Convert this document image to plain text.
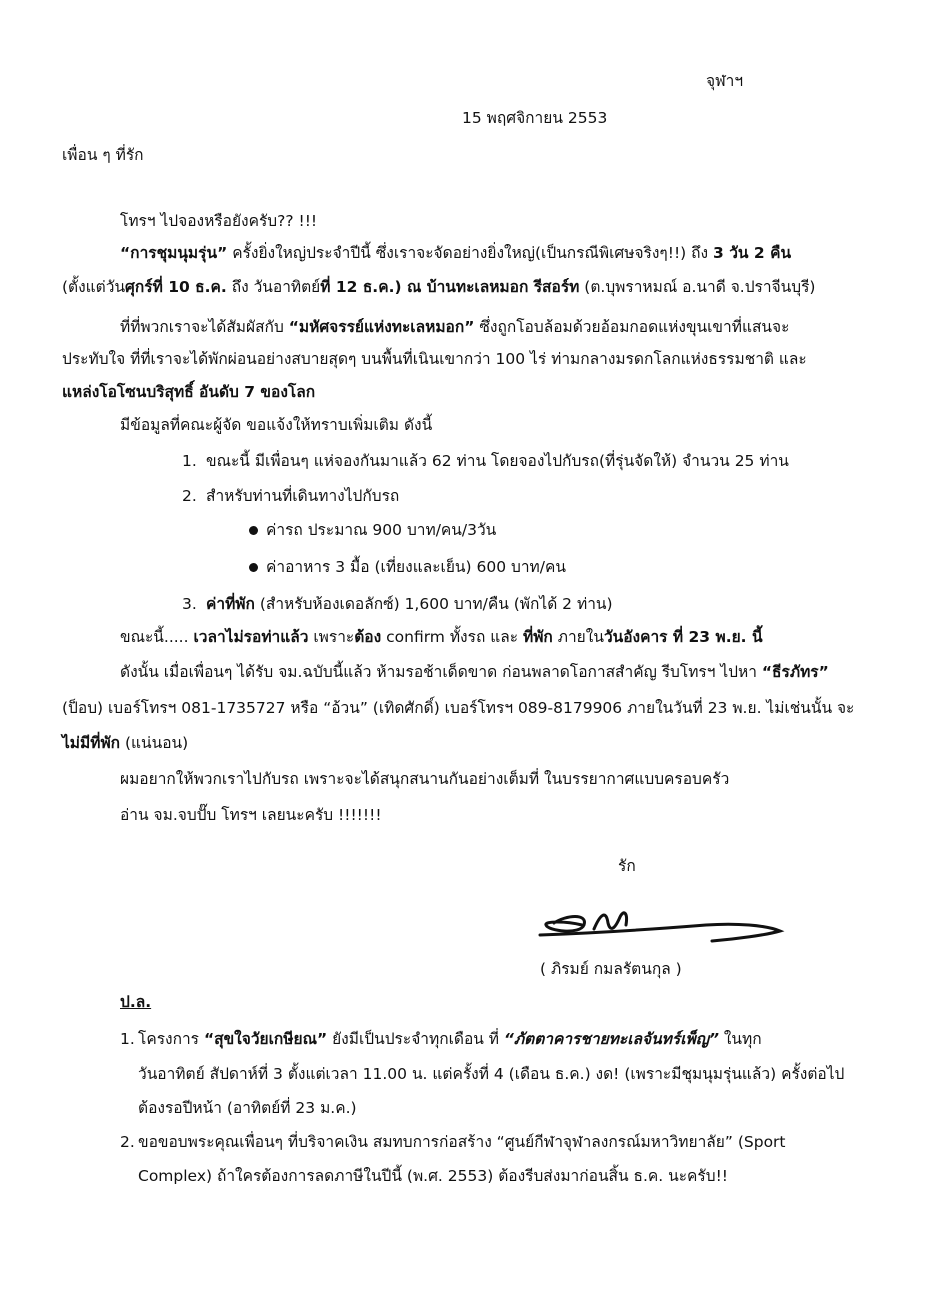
จุฬาฯ
15 พฤศจิกายน 2553
เพื่อน ๆ ที่รัก
โทรฯ ไปจองหรือยังครับ?? !!!
“การชุมนุมรุ่น” ครั้งยิ่งใหญ่ประจำปีนี้ ซึ่งเราจะจัดอย่างยิ่งใหญ่(เป็นกรณีพิเศษจริงๆ!!) ถึง 3 วัน 2 คืน
(ตั้งแต่วันศุกร์ที่ 10 ธ.ค. ถึง วันอาทิตย์ที่ 12 ธ.ค.) ณ บ้านทะเลหมอก รีสอร์ท (ต.บุพราหมณ์ อ.นาดี จ.ปราจีนบุรี)
ที่ที่พวกเราจะได้สัมผัสกับ “มหัศจรรย์แห่งทะเลหมอก” ซึ่งถูกโอบล้อมด้วยอ้อมกอดแห่งขุนเขาที่แสนจะ
ประทับใจ ที่ที่เราจะได้พักผ่อนอย่างสบายสุดๆ บนพื้นที่เนินเขากว่า 100 ไร่ ท่ามกลางมรดกโลกแห่งธรรมชาติ และ
แหล่งโอโซนบริสุทธิ์ อันดับ 7 ของโลก
มีข้อมูลที่คณะผู้จัด ขอแจ้งให้ทราบเพิ่มเติม ดังนี้
1. ขณะนี้ มีเพื่อนๆ แห่จองกันมาแล้ว 62 ท่าน โดยจองไปกับรถ(ที่รุ่นจัดให้) จำนวน 25 ท่าน
2. สำหรับท่านที่เดินทางไปกับรถ
ค่ารถ ประมาณ 900 บาท/คน/3วัน
ค่าอาหาร 3 มื้อ (เที่ยงและเย็น) 600 บาท/คน
3. ค่าที่พัก (สำหรับห้องเดอลักซ์) 1,600 บาท/คืน (พักได้ 2 ท่าน)
ขณะนี้..... เวลาไม่รอท่าแล้ว เพราะต้อง confirm ทั้งรถ และ ที่พัก ภายในวันอังคาร ที่ 23 พ.ย. นี้
ดังนั้น เมื่อเพื่อนๆ ได้รับ จม.ฉบับนี้แล้ว ห้ามรอช้าเด็ดขาด ก่อนพลาดโอกาสสำคัญ รีบโทรฯ ไปหา “ธีรภัทร”
(ป็อบ) เบอร์โทรฯ 081-1735727 หรือ “อ้วน” (เทิดศักดิ์) เบอร์โทรฯ 089-8179906 ภายในวันที่ 23 พ.ย. ไม่เช่นนั้น จะ
ไม่มีที่พัก (แน่นอน)
ผมอยากให้พวกเราไปกับรถ เพราะจะได้สนุกสนานกันอย่างเต็มที่ ในบรรยากาศแบบครอบครัว
อ่าน จม.จบปั๊บ โทรฯ เลยนะครับ !!!!!!!
รัก
( ภิรมย์ กมลรัตนกุล )
ป.ล.
1. โครงการ “สุขใจวัยเกษียณ” ยังมีเป็นประจำทุกเดือน ที่ “ภัตตาคารชายทะเลจันทร์เพ็ญ” ในทุก
วันอาทิตย์ สัปดาห์ที่ 3 ตั้งแต่เวลา 11.00 น. แต่ครั้งที่ 4 (เดือน ธ.ค.) งด! (เพราะมีชุมนุมรุ่นแล้ว) ครั้งต่อไป
ต้องรอปีหน้า (อาทิตย์ที่ 23 ม.ค.)
2. ขอขอบพระคุณเพื่อนๆ ที่บริจาคเงิน สมทบการก่อสร้าง “ศูนย์กีฬาจุฬาลงกรณ์มหาวิทยาลัย” (Sport
Complex) ถ้าใครต้องการลดภาษีในปีนี้ (พ.ศ. 2553) ต้องรีบส่งมาก่อนสิ้น ธ.ค. นะครับ!!
